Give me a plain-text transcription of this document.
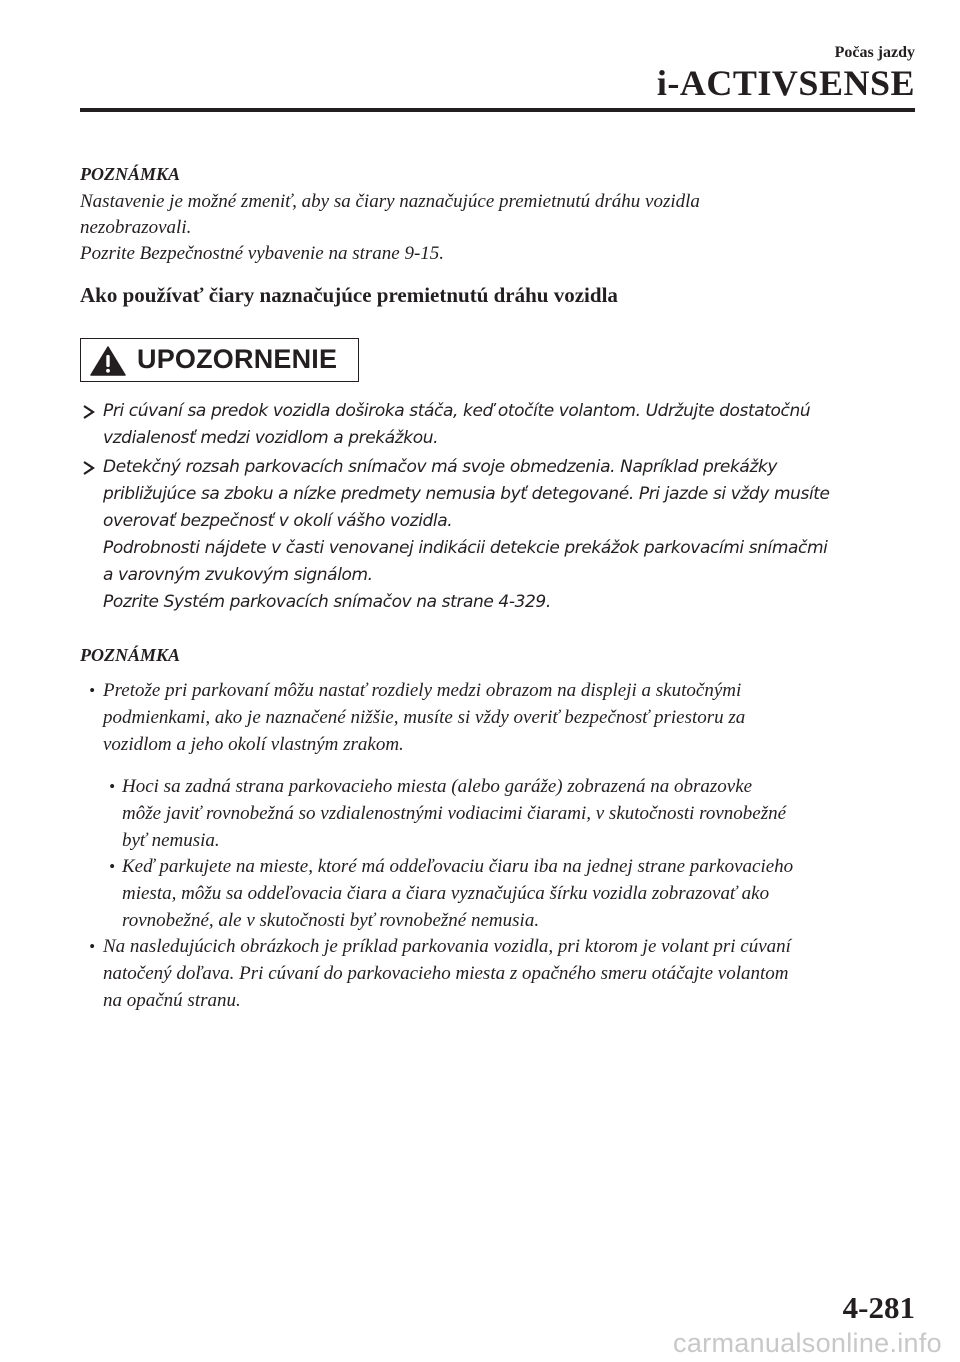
Počas jazdy
i-ACTIVSENSE
POZNÁMKA
Nastavenie je možné zmeniť, aby sa čiary naznačujúce premietnutú dráhu vozidla
nezobrazovali.
Pozrite Bezpečnostné vybavenie na strane 9-15.
Ako používať čiary naznačujúce premietnutú dráhu vozidla
UPOZORNENIE
Pri cúvaní sa predok vozidla doširoka stáča, keď otočíte volantom. Udržujte dostatočnú
vzdialenosť medzi vozidlom a prekážkou.
Detekčný rozsah parkovacích snímačov má svoje obmedzenia. Napríklad prekážky
približujúce sa zboku a nízke predmety nemusia byť detegované. Pri jazde si vždy musíte
overovať bezpečnosť v okolí vášho vozidla.
Podrobnosti nájdete v časti venovanej indikácii detekcie prekážok parkovacími snímačmi
a varovným zvukovým signálom.
Pozrite Systém parkovacích snímačov na strane 4-329.
POZNÁMKA
• Pretože pri parkovaní môžu nastať rozdiely medzi obrazom na displeji a skutočnými
podmienkami, ako je naznačené nižšie, musíte si vždy overiť bezpečnosť priestoru za
vozidlom a jeho okolí vlastným zrakom.
• Hoci sa zadná strana parkovacieho miesta (alebo garáže) zobrazená na obrazovke
môže javiť rovnobežná so vzdialenostnými vodiacimi čiarami, v skutočnosti rovnobežné
byť nemusia.
• Keď parkujete na mieste, ktoré má oddeľovaciu čiaru iba na jednej strane parkovacieho
miesta, môžu sa oddeľovacia čiara a čiara vyznačujúca šírku vozidla zobrazovať ako
rovnobežné, ale v skutočnosti byť rovnobežné nemusia.
• Na nasledujúcich obrázkoch je príklad parkovania vozidla, pri ktorom je volant pri cúvaní
natočený doľava. Pri cúvaní do parkovacieho miesta z opačného smeru otáčajte volantom
na opačnú stranu.
4-281
carmanualsonline.info
